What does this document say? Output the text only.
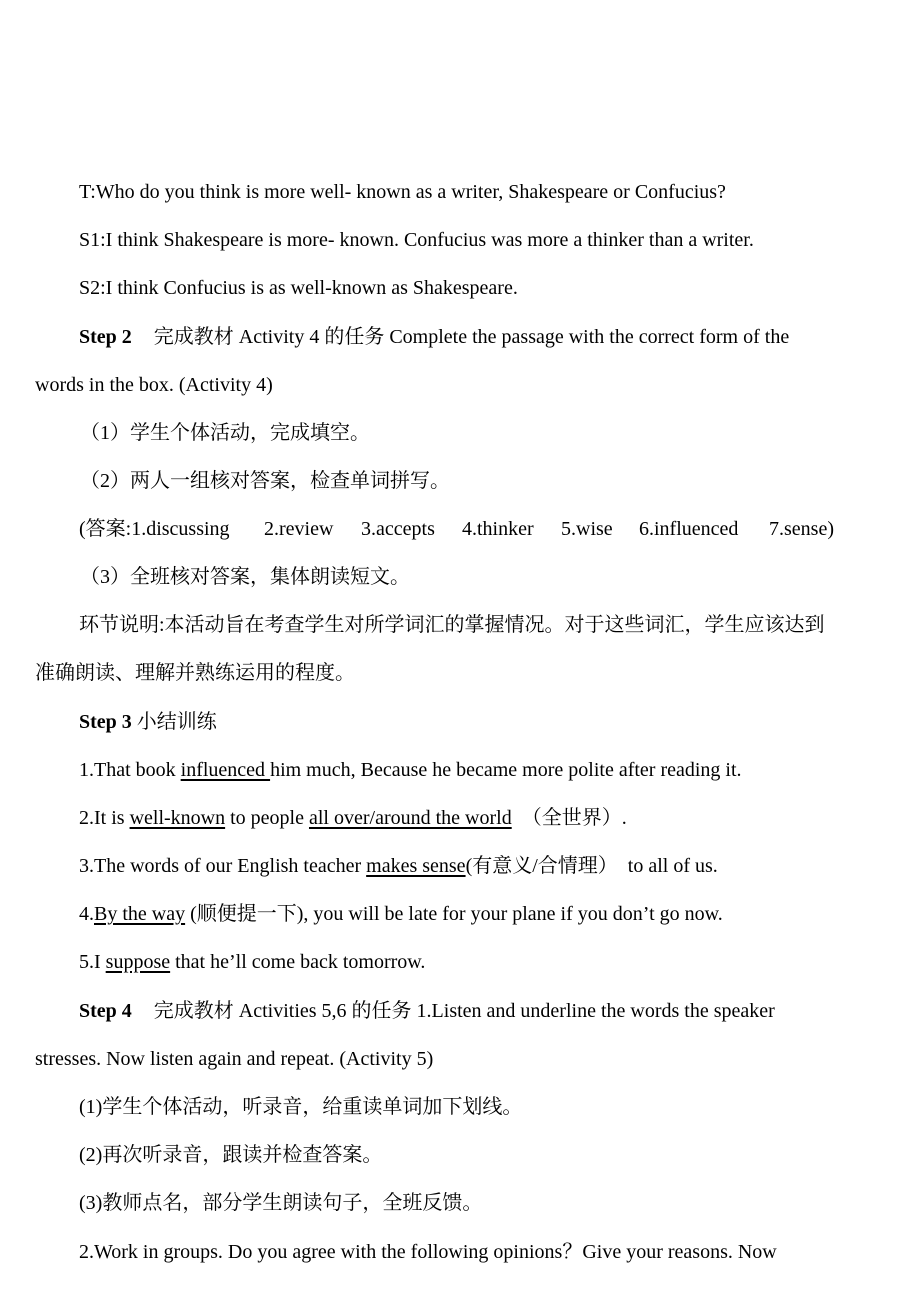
T:Who do you think is more well- known as a writer, Shakespeare or Confucius?
S1:I think Shakespeare is more- known. Confucius was more a thinker than a writer.
S2:I think Confucius is as well-known as Shakespeare.
Step 2 完成教材 Activity 4 的任务 Complete the passage with the correct form of the
words in the box. (Activity 4)
（1）学生个体活动，完成填空。
（2）两人一组核对答案，检查单词拼写。
(答案:1.discussing 2.review 3.accepts 4.thinker 5.wise 6.influenced 7.sense)
（3）全班核对答案，集体朗读短文。
环节说明:本活动旨在考查学生对所学词汇的掌握情况。对于这些词汇，学生应该达到
准确朗读、理解并熟练运用的程度。
Step 3 小结训练
1.That book influenced him much, Because he became more polite after reading it.
2.It is well-known to people all over/around the world  （全世界）.
3.The words of our English teacher makes sense(有意义/合情理）  to all of us.
4.By the way (顺便提一下), you will be late for your plane if you don’t go now.
5.I suppose that he’ll come back tomorrow.
Step 4 完成教材 Activities 5,6 的任务 1.Listen and underline the words the speaker
stresses. Now listen again and repeat. (Activity 5)
(1)学生个体活动，听录音，给重读单词加下划线。
(2)再次听录音，跟读并检查答案。
(3)教师点名，部分学生朗读句子，全班反馈。
2.Work in groups. Do you agree with the following opinions？Give your reasons. Now
